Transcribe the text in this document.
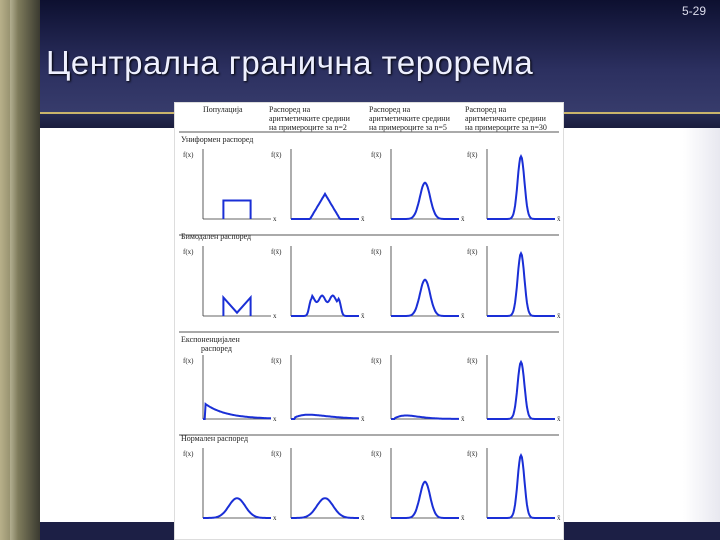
5-29
Централна гранична терорема
Популација	Распоред на
аритметичките средини
на примероците за n=2
Распоред на
аритметичките средини
на примероците за n=5
Распоред на
аритметичките средини
на примероците за n=30
Униформен распоред
f(x)
x
f(x̄)
x̄
f(x̄)
x̄
f(x̄)
x̄
Бимодален распоред
f(x)
x
f(x̄)
x̄
f(x̄)
x̄
f(x̄)
x̄
Експоненцијален
распоред
f(x)
x
f(x̄)
x̄
f(x̄)
x̄
f(x̄)
x̄
Нормален распоред
f(x)
x
f(x̄)
x̄
f(x̄)
x̄
f(x̄)
x̄
